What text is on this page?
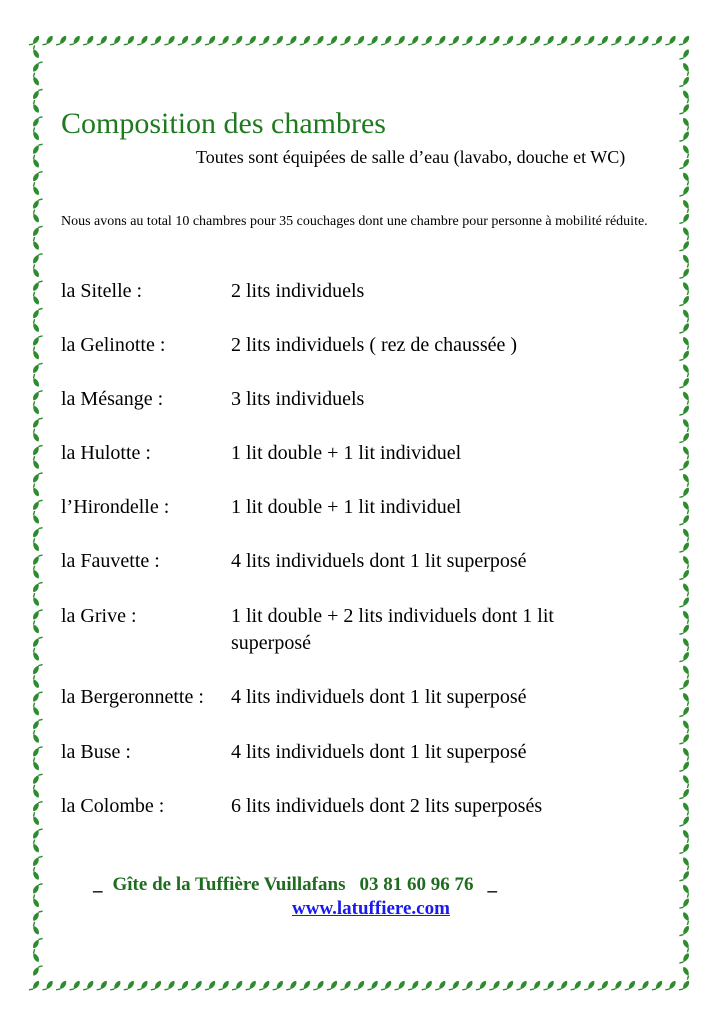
Composition des chambres
Toutes sont équipées de salle d’eau (lavabo, douche et WC)
Nous avons au total 10 chambres pour 35 couchages dont une chambre pour personne à mobilité réduite.
la Sitelle :	2 lits individuels
la Gelinotte :	2 lits individuels ( rez de chaussée )
la Mésange :	3 lits individuels
la Hulotte :	1 lit double + 1 lit individuel
l’Hirondelle :	1 lit double + 1 lit individuel
la Fauvette :	4 lits individuels dont 1 lit superposé
la Grive :	1 lit double + 2 lits individuels dont 1 lit superposé
la Bergeronnette : 4 lits individuels dont 1 lit superposé
la Buse :	4 lits individuels dont 1 lit superposé
la Colombe :	6 lits individuels dont 2 lits superposés
_ Gîte de la Tuffière Vuillafans 03 81 60 96 76 _
www.latuffiere.com
